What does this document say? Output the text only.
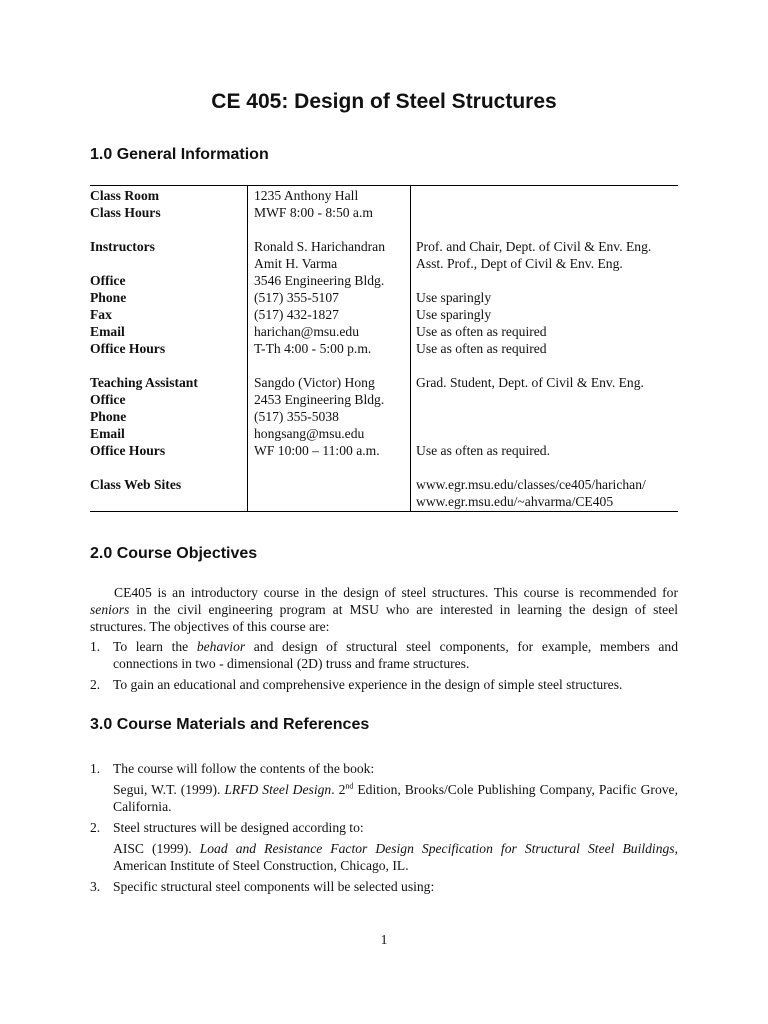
CE 405: Design of Steel Structures
1.0 General Information
Class Room
Class Hours
Instructors
Office
Phone
Fax
Email
Office Hours
Teaching Assistant
Office
Phone
Email
Office Hours
Class Web Sites
1235 Anthony Hall
MWF 8:00 - 8:50 a.m
Ronald S. Harichandran
Amit H. Varma
3546 Engineering Bldg.
(517) 355-5107
(517) 432-1827
harichan@msu.edu
T-Th 4:00 - 5:00 p.m.
Sangdo (Victor) Hong
2453 Engineering Bldg.
(517) 355-5038
hongsang@msu.edu
WF 10:00 – 11:00 a.m.
Prof. and Chair, Dept. of Civil & Env. Eng.
Asst. Prof., Dept of Civil & Env. Eng.
Use sparingly
Use sparingly
Use as often as required
Use as often as required
Grad. Student, Dept. of Civil & Env. Eng.
Use as often as required.
www.egr.msu.edu/classes/ce405/harichan/
www.egr.msu.edu/~ahvarma/CE405
2.0 Course Objectives

CE405 is an introductory course in the design of steel structures. This course is recommended for seniors in the civil engineering program at MSU who are interested in learning the design of steel structures. The objectives of this course are:

1. To learn the behavior and design of structural steel components, for example, members and connections in two - dimensional (2D) truss and frame structures.

2. To gain an educational and comprehensive experience in the design of simple steel structures.

3.0 Course Materials and References
1. The course will follow the contents of the book:

Segui, W.T. (1999). LRFD Steel Design. 2nd Edition, Brooks/Cole Publishing Company, Pacific Grove, California.

2. Steel structures will be designed according to:

AISC (1999). Load and Resistance Factor Design Specification for Structural Steel Buildings, American Institute of Steel Construction, Chicago, IL.

3. Specific structural steel components will be selected using:

1
